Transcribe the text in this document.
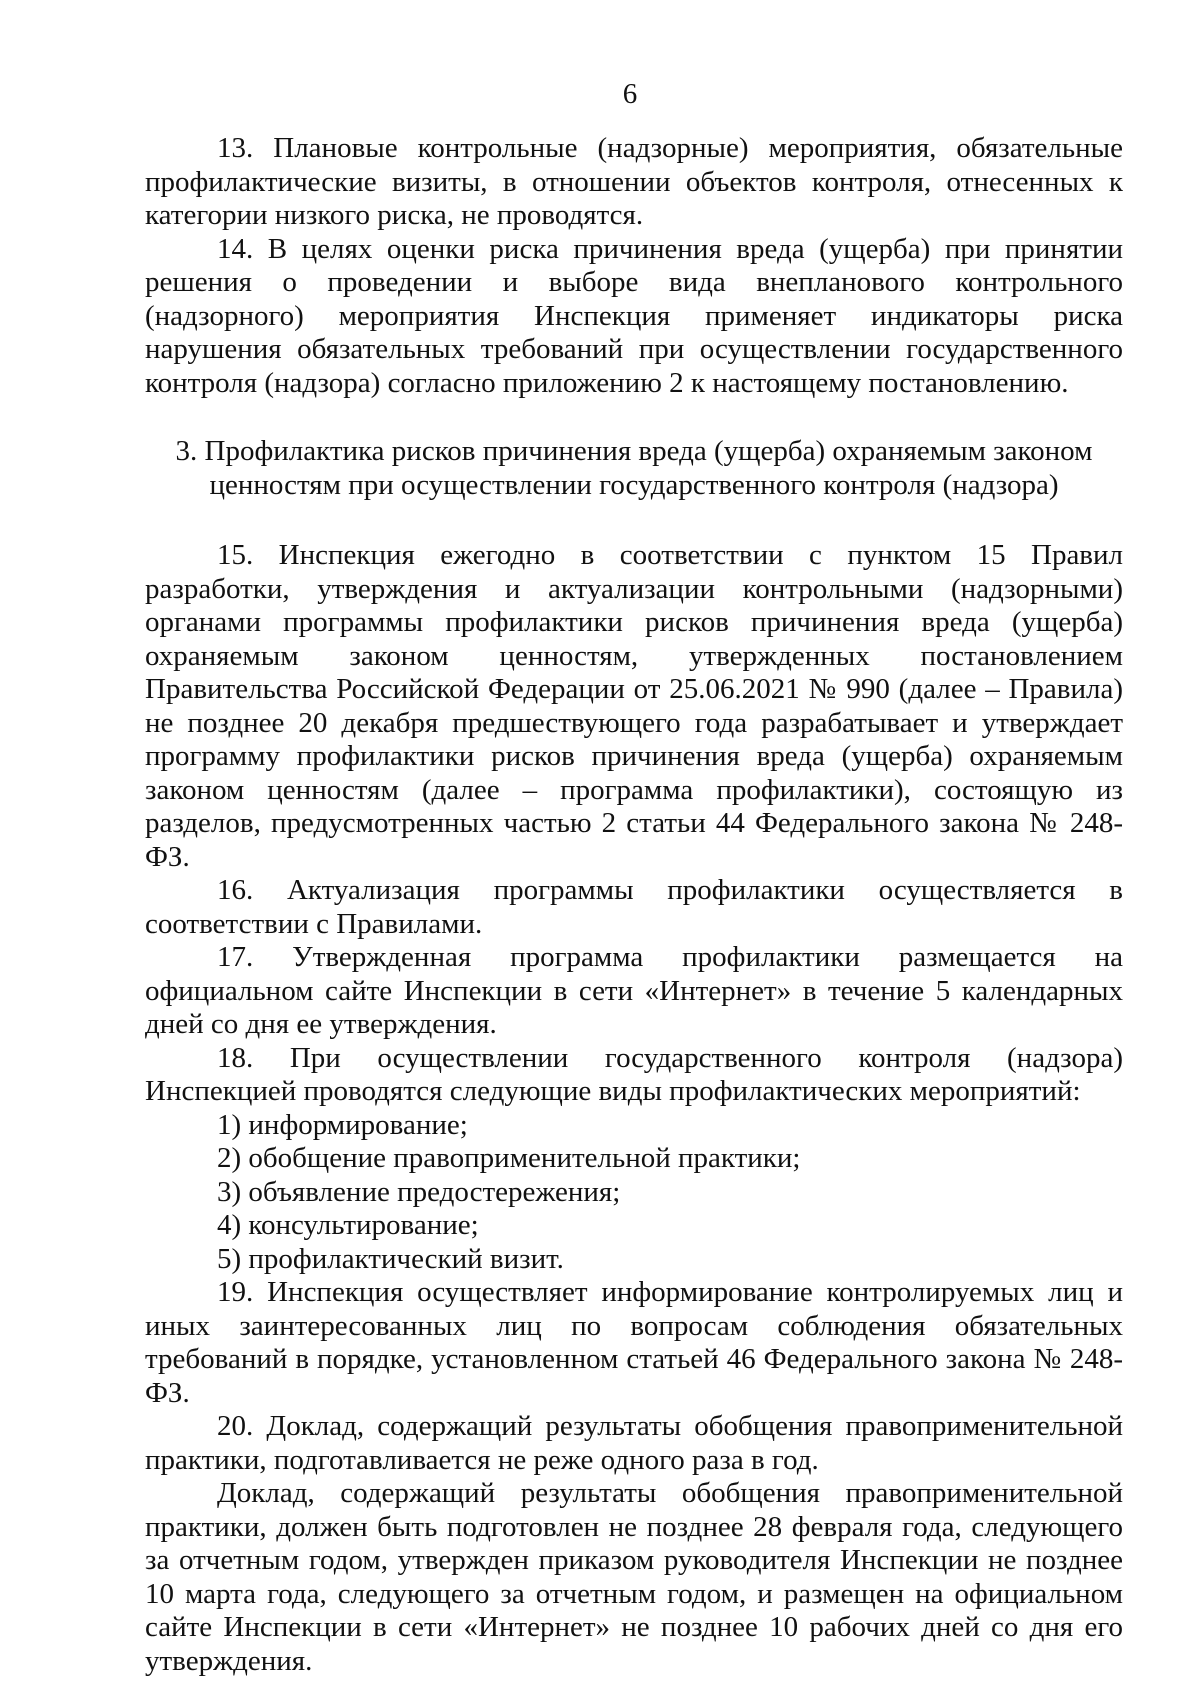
6

13. Плановые контрольные (надзорные) мероприятия, обязательные профилактические визиты, в отношении объектов контроля, отнесенных к категории низкого риска, не проводятся.

14. В целях оценки риска причинения вреда (ущерба) при принятии решения о проведении и выборе вида внепланового контрольного (надзорного) мероприятия Инспекция применяет индикаторы риска нарушения обязательных требований при осуществлении государственного контроля (надзора) согласно приложению 2 к настоящему постановлению.

3. Профилактика рисков причинения вреда (ущерба) охраняемым законом
ценностям при осуществлении государственного контроля (надзора)

15. Инспекция ежегодно в соответствии с пунктом 15 Правил разработки, утверждения и актуализации контрольными (надзорными) органами программы профилактики рисков причинения вреда (ущерба) охраняемым законом ценностям, утвержденных постановлением Правительства Российской Федерации от 25.06.2021 № 990 (далее – Правила) не позднее 20 декабря предшествующего года разрабатывает и утверждает программу профилактики рисков причинения вреда (ущерба) охраняемым законом ценностям (далее – программа профилактики), состоящую из разделов, предусмотренных частью 2 статьи 44 Федерального закона № 248-ФЗ.

16. Актуализация программы профилактики осуществляется в соответствии с Правилами.

17. Утвержденная программа профилактики размещается на официальном сайте Инспекции в сети «Интернет» в течение 5 календарных дней со дня ее утверждения.

18. При осуществлении государственного контроля (надзора) Инспекцией проводятся следующие виды профилактических мероприятий:

1) информирование;
2) обобщение правоприменительной практики;
3) объявление предостережения;
4) консультирование;
5) профилактический визит.

19. Инспекция осуществляет информирование контролируемых лиц и иных заинтересованных лиц по вопросам соблюдения обязательных требований в порядке, установленном статьей 46 Федерального закона № 248-ФЗ.

20. Доклад, содержащий результаты обобщения правоприменительной практики, подготавливается не реже одного раза в год.

Доклад, содержащий результаты обобщения правоприменительной практики, должен быть подготовлен не позднее 28 февраля года, следующего за отчетным годом, утвержден приказом руководителя Инспекции не позднее 10 марта года, следующего за отчетным годом, и размещен на официальном сайте Инспекции в сети «Интернет» не позднее 10 рабочих дней со дня его утверждения.
